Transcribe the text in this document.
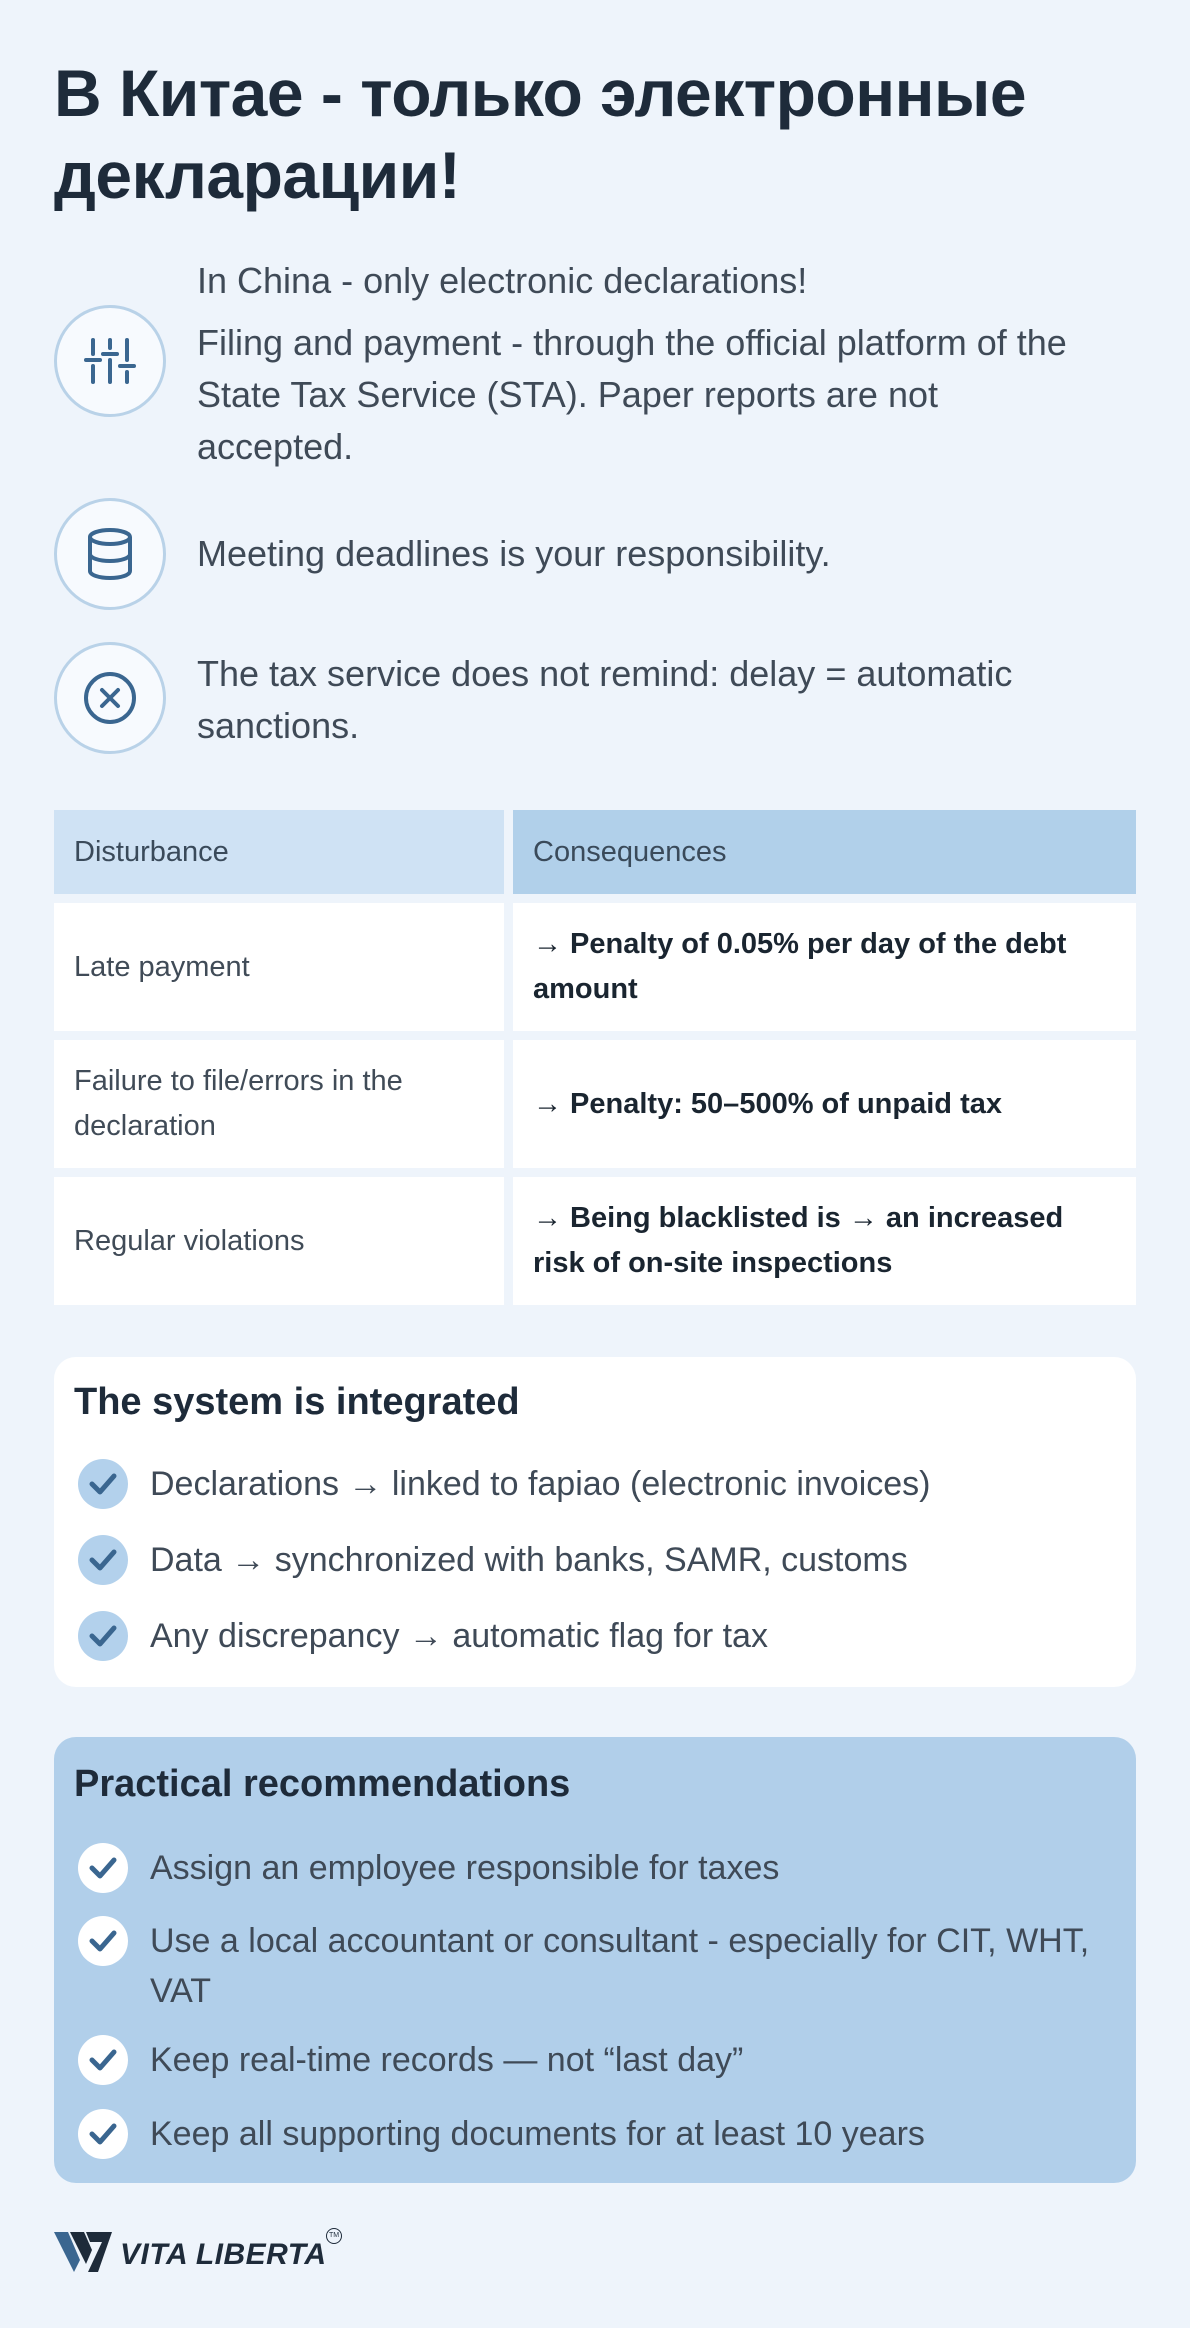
В Китае - только электронные декларации!
In China - only electronic declarations!
Filing and payment - through the official platform of the State Tax Service (STA). Paper reports are not accepted.
Meeting deadlines is your responsibility.
The tax service does not remind: delay = automatic sanctions.
Disturbance	Consequences
Late payment
→ Penalty of 0.05% per day of the debt amount
Failure to file/errors in the declaration
→ Penalty: 50–500% of unpaid tax
Regular violations
→ Being blacklisted is → an increased risk of on-site inspections
The system is integrated
Declarations → linked to fapiao (electronic invoices)
Data → synchronized with banks, SAMR, customs
Any discrepancy → automatic flag for tax
Practical recommendations
Assign an employee responsible for taxes
Use a local accountant or consultant - especially for CIT, WHT, VAT
Keep real-time records — not “last day”
Keep all supporting documents for at least 10 years
VITA LIBERTA
TM
